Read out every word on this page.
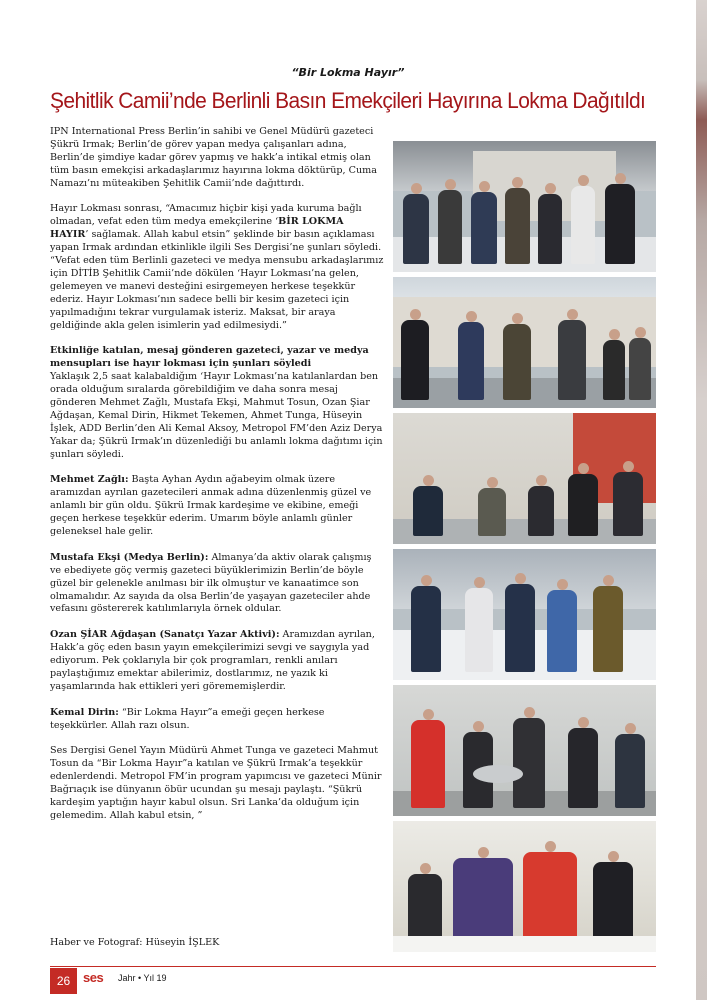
“Bir Lokma Hayır”
Şehitlik Camii’nde Berlinli Basın Emekçileri Hayırına Lokma Dağıtıldı

IPN International Press Berlin’in sahibi ve Genel Müdürü gazeteci Şükrü Irmak; Berlin’de görev yapan medya çalışanları adına, Berlin’de şimdiye kadar görev yapmış ve hakk’a intikal etmiş olan tüm basın emekçisi arkadaşlarımız hayırına lokma döktürüp, Cuma Namazı’nı müteakiben Şehitlik Camii’nde dağıttırdı.

Hayır Lokması sonrası, “Amacımız hiçbir kişi yada kuruma bağlı olmadan, vefat eden tüm medya emekçilerine ‘BİR LOKMA HAYIR’ sağlamak. Allah kabul etsin” şeklinde bir basın açıklaması yapan Irmak ardından etkinlikle ilgili Ses Dergisi’ne şunları söyledi. “Vefat eden tüm Berlinli gazeteci ve medya mensubu arkadaşlarımız için DİTİB Şehitlik Camii’nde dökülen ‘Hayır Lokması’na gelen, gelemeyen ve manevi desteğini esirgemeyen herkese teşekkür ederiz. Hayır Lokması’nın sadece belli bir kesim gazeteci için yapılmadığını tekrar vurgulamak isteriz. Maksat, bir araya geldiğinde akla gelen isimlerin yad edilmesiydi.”

Etkinliğe katılan, mesaj gönderen gazeteci, yazar ve medya mensupları ise hayır lokması için şunları söyledi

Yaklaşık 2,5 saat kalabaldiğım ‘Hayır Lokması’na katılanlardan ben orada olduğum sıralarda görebildiğim ve daha sonra mesaj gönderen Mehmet Zağlı, Mustafa Ekşi, Mahmut Tosun, Ozan Şiar Ağdaşan, Kemal Dirin, Hikmet Tekemen, Ahmet Tunga, Hüseyin İşlek, ADD Berlin’den Ali Kemal Aksoy, Metropol FM’den Aziz Derya Yakar da; Şükrü Irmak’ın düzenlediği bu anlamlı lokma dağıtımı için şunları söyledi.

Mehmet Zağlı: Başta Ayhan Aydın ağabeyim olmak üzere aramızdan ayrılan gazetecileri anmak adına düzenlenmiş güzel ve anlamlı bir gün oldu. Şükrü Irmak kardeşime ve ekibine, emeği geçen herkese teşekkür ederim. Umarım böyle anlamlı günler geleneksel hale gelir.

Mustafa Ekşi (Medya Berlin): Almanya’da aktiv olarak çalışmış ve ebediyete göç vermiş gazeteci büyüklerimizin Berlin’de böyle güzel bir gelenekle anılması bir ilk olmuştur ve kanaatimce son olmamalıdır. Az sayıda da olsa Berlin’de yaşayan gazeteciler ahde vefasını göstererek katılımlarıyla örnek oldular.

Ozan ŞİAR Ağdaşan (Sanatçı Yazar Aktivi): Aramızdan ayrılan, Hakk’a göç eden basın yayın emekçilerimizi sevgi ve saygıyla yad ediyorum. Pek çoklarıyla bir çok programları, renkli anıları paylaştığımız emektar abilerimiz, dostlarımız, ne yazık ki yaşamlarında hak ettikleri yeri görememişlerdir.

Kemal Dirin: “Bir Lokma Hayır”a emeği geçen herkese teşekkürler. Allah razı olsun.

Ses Dergisi Genel Yayın Müdürü Ahmet Tunga ve gazeteci Mahmut Tosun da “Bir Lokma Hayır”a katılan ve Şükrü Irmak’a teşekkür edenlerdendi. Metropol FM’in program yapımcısı ve gazeteci Münir Bağrıaçık ise dünyanın öbür ucundan şu mesajı paylaştı. “Şükrü kardeşim yaptığın hayır kabul olsun. Sri Lanka’da olduğum için gelemedim. Allah kabul etsin, ”

Haber ve Fotograf: Hüseyin İŞLEK
26 ses Jahr • Yıl 19
